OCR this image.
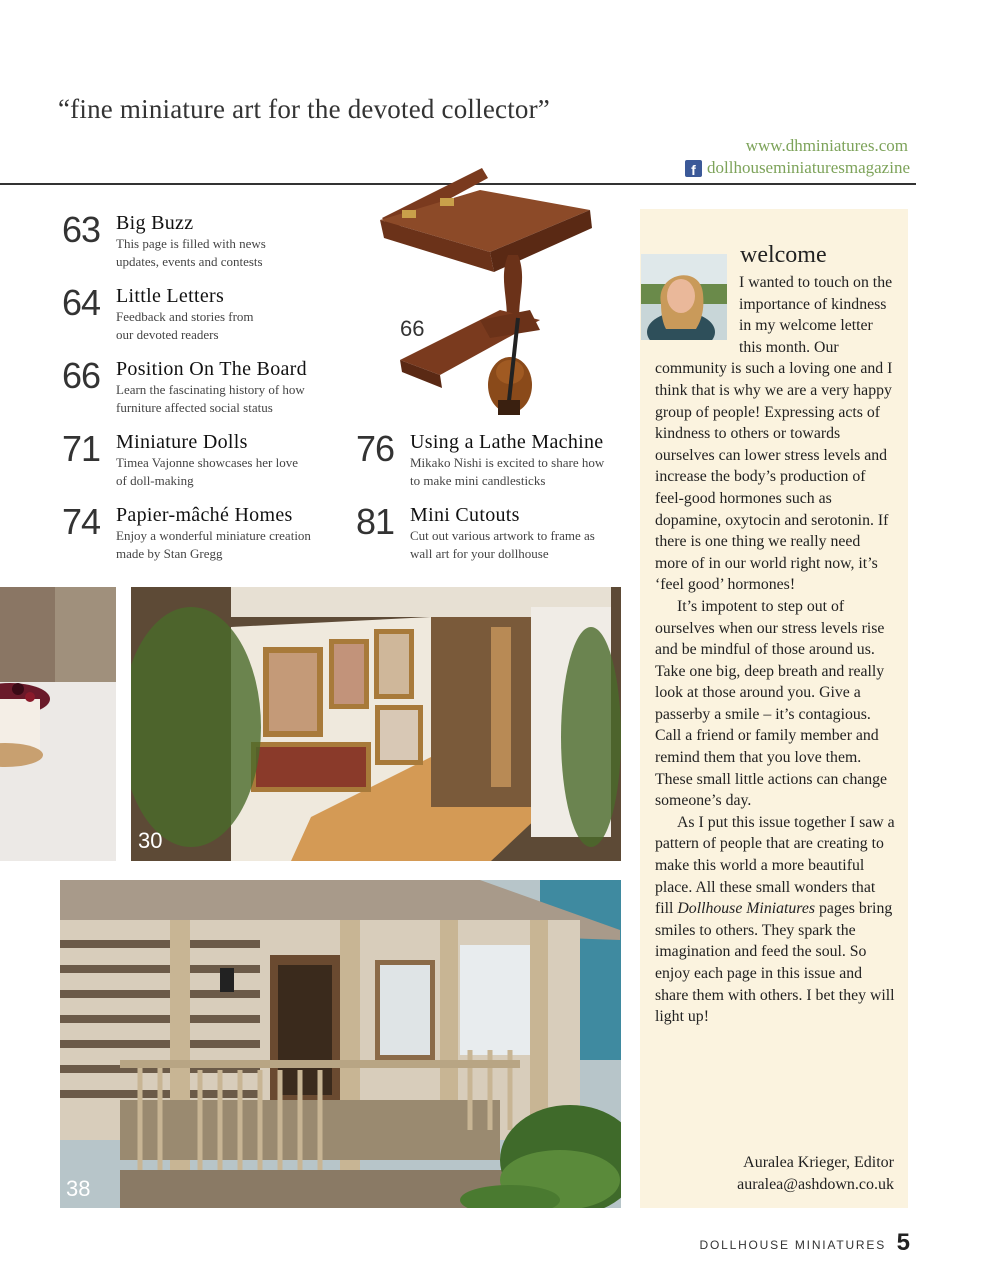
“fine miniature art for the devoted collector”
www.dhminiatures.com
f dollhouseminiaturesmagazine
63 Big Buzz
This page is filled with news
updates, events and contests
64 Little Letters
Feedback and stories from
our devoted readers
66 Position On The Board
Learn the fascinating history of how
furniture affected social status
71 Miniature Dolls
Timea Vajonne showcases her love
of doll-making
74 Papier-mâché Homes
Enjoy a wonderful miniature creation
made by Stan Gregg
76 Using a Lathe Machine
Mikako Nishi is excited to share how
to make mini candlesticks
81 Mini Cutouts
Cut out various artwork to frame as
wall art for your dollhouse
66
30
38
welcome

I wanted to touch on the importance of kindness in my welcome letter this month. Our community is such a loving one and I think that is why we are a very happy group of people! Expressing acts of kindness to others or towards ourselves can lower stress levels and increase the body’s production of feel-good hormones such as dopamine, oxytocin and serotonin. If there is one thing we really need more of in our world right now, it’s ‘feel good’ hormones!

It’s impotent to step out of ourselves when our stress levels rise and be mindful of those around us. Take one big, deep breath and really look at those around you. Give a passerby a smile – it’s contagious. Call a friend or family member and remind them that you love them. These small little actions can change someone’s day.

As I put this issue together I saw a pattern of people that are creating to make this world a more beautiful place. All these small wonders that fill Dollhouse Miniatures pages bring smiles to others. They spark the imagination and feed the soul. So enjoy each page in this issue and share them with others. I bet they will light up!

Auralea Krieger, Editor
auralea@ashdown.co.uk
DOLLHOUSE MINIATURES 5
